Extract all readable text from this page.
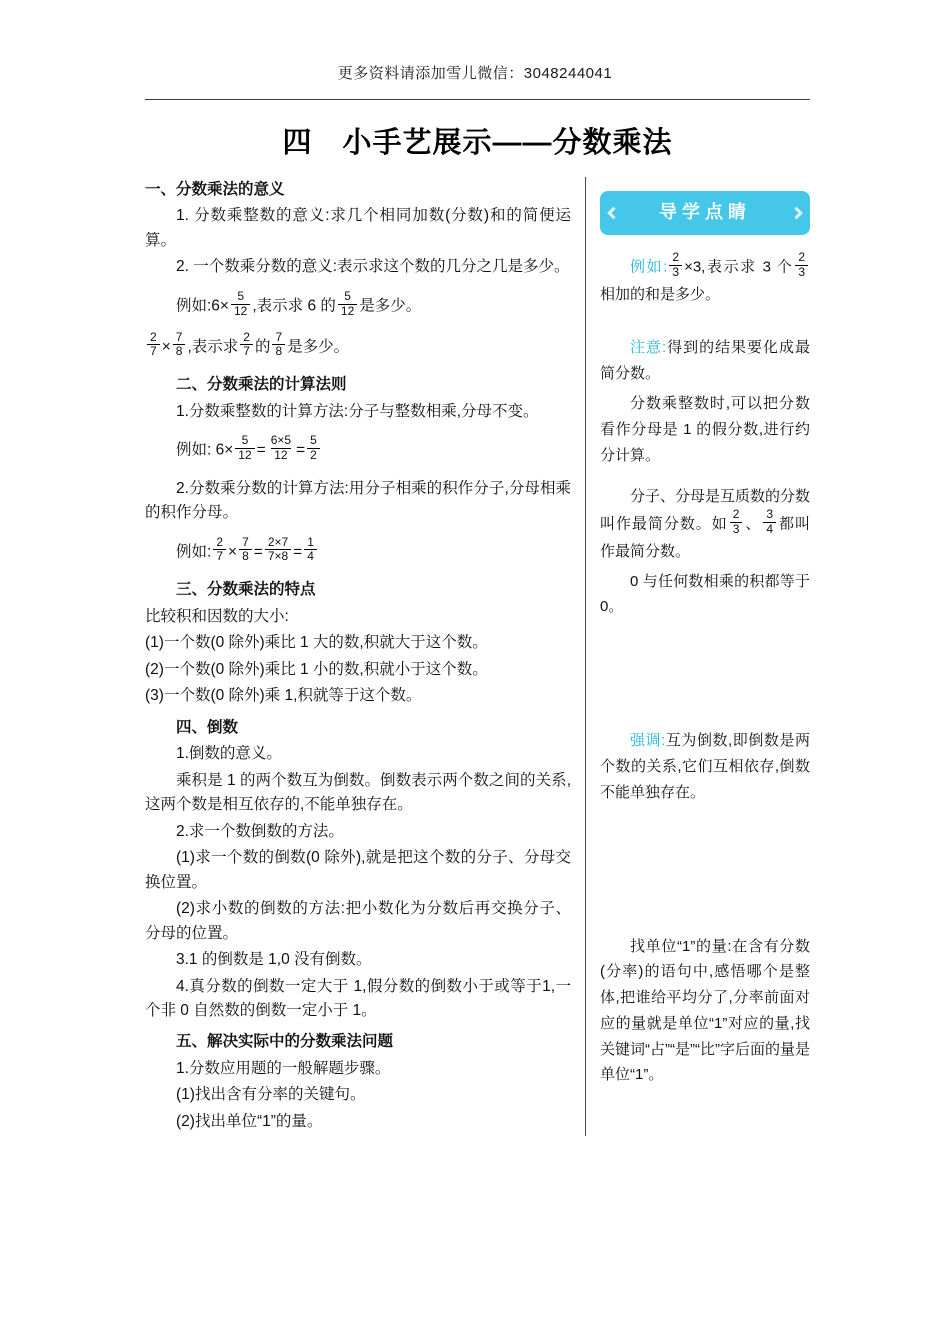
更多资料请添加雪儿微信：3048244041
四　小手艺展示——分数乘法

一、分数乘法的意义

1. 分数乘整数的意义:求几个相同加数(分数)和的简便运算。

2. 一个数乘分数的意义:表示求这个数的几分之几是多少。

例如:6× $\frac{5}{12}$ ,表示求 6 的 $\frac{5}{12}$ 是多少。

$\frac{2}{7} \times \frac{7}{8}$ ,表示求 $\frac{2}{7}$ 的 $\frac{7}{8}$ 是多少。

二、分数乘法的计算法则

1.分数乘整数的计算方法:分子与整数相乘,分母不变。

例如: $6\times \frac{5}{12} = \frac{6\times 5}{12} = \frac{5}{2}$

2.分数乘分数的计算方法:用分子相乘的积作分子,分母相乘的积作分母。

例如: $\frac{2}{7} \times \frac{7}{8} = \frac{2\times 7}{7\times 8} = \frac{1}{4}$

三、分数乘法的特点

比较积和因数的大小:

(1)一个数(0 除外)乘比 1 大的数,积就大于这个数。

(2)一个数(0 除外)乘比 1 小的数,积就小于这个数。

(3)一个数(0 除外)乘 1,积就等于这个数。

四、倒数

1.倒数的意义。

乘积是 1 的两个数互为倒数。倒数表示两个数之间的关系,这两个数是相互依存的,不能单独存在。

2.求一个数倒数的方法。

(1)求一个数的倒数(0 除外),就是把这个数的分子、分母交换位置。

(2)求小数的倒数的方法:把小数化为分数后再交换分子、分母的位置。

3.1 的倒数是 1,0 没有倒数。

4.真分数的倒数一定大于 1,假分数的倒数小于或等于1,一个非 0 自然数的倒数一定小于 1。

五、解决实际中的分数乘法问题

1.分数应用题的一般解题步骤。

(1)找出含有分率的关键句。

(2)找出单位“1”的量。

导学点睛

例如: $\frac{2}{3} \times 3$,表示求 3 个 $\frac{2}{3}$
相加的和是多少。

注意:得到的结果要化成最简分数。

分数乘整数时,可以把分数看作分母是 1 的假分数,进行约分计算。

分子、分母是互质数的分数叫作最简分数。如 $\frac{2}{3}$ 、 $\frac{3}{4}$ 都叫作最简分数。

0 与任何数相乘的积都等于 0。

强调:互为倒数,即倒数是两个数的关系,它们互相依存,倒数不能单独存在。

找单位“1”的量:在含有分数(分率)的语句中,感悟哪个是整体,把谁给平均分了,分率前面对应的量就是单位“1”对应的量,找关键词“占”“是”“比”字后面的量是单位“1”。
